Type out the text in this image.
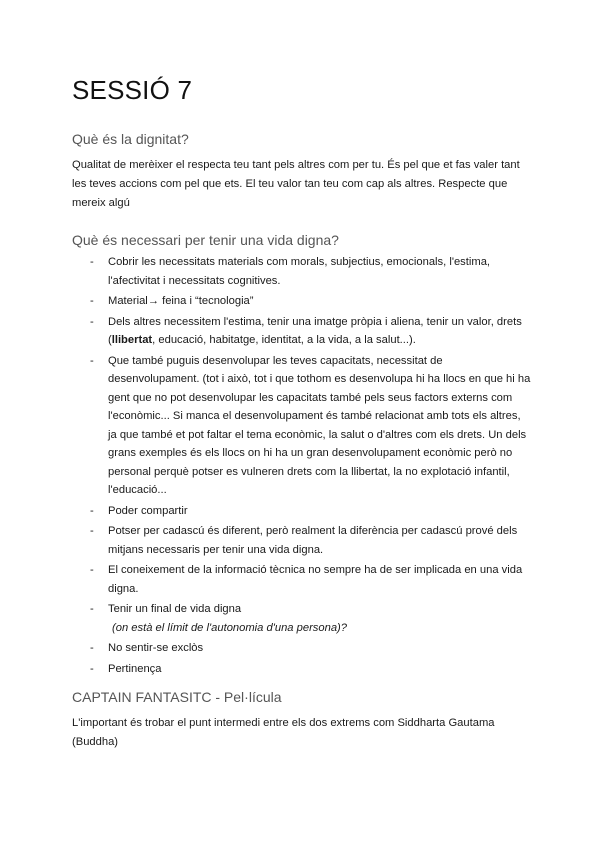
SESSIÓ 7
Què és la dignitat?

Qualitat de merèixer el respecta teu tant pels altres com per tu. És pel que et fas valer tant les teves accions com pel que ets. El teu valor tan teu com cap als altres. Respecte que mereix algú

Què és necessari per tenir una vida digna?
- Cobrir les necessitats materials com morals, subjectius, emocionals, l'estima, l'afectivitat i necessitats cognitives.
- Material→ feina i “tecnologia”
- Dels altres necessitem l'estima, tenir una imatge pròpia i aliena, tenir un valor, drets (llibertat, educació, habitatge, identitat, a la vida, a la salut...).
- Que també puguis desenvolupar les teves capacitats, necessitat de desenvolupament. (tot i això, tot i que tothom es desenvolupa hi ha llocs en que hi ha gent que no pot desenvolupar les capacitats també pels seus factors externs com l'econòmic... Si manca el desenvolupament és també relacionat amb tots els altres, ja que també et pot faltar el tema econòmic, la salut o d'altres com els drets. Un dels grans exemples és els llocs on hi ha un gran desenvolupament econòmic però no personal perquè potser es vulneren drets com la llibertat, la no explotació infantil, l'educació...
- Poder compartir
- Potser per cadascú és diferent, però realment la diferència per cadascú prové dels mitjans necessaris per tenir una vida digna.
- El coneixement de la informació tècnica no sempre ha de ser implicada en una vida digna.
- Tenir un final de vida digna
(on està el límit de l'autonomia d'una persona)?
- No sentir-se exclòs
- Pertinença
CAPTAIN FANTASITC - Pel·lícula

L'important és trobar el punt intermedi entre els dos extrems com Siddharta Gautama (Buddha)
